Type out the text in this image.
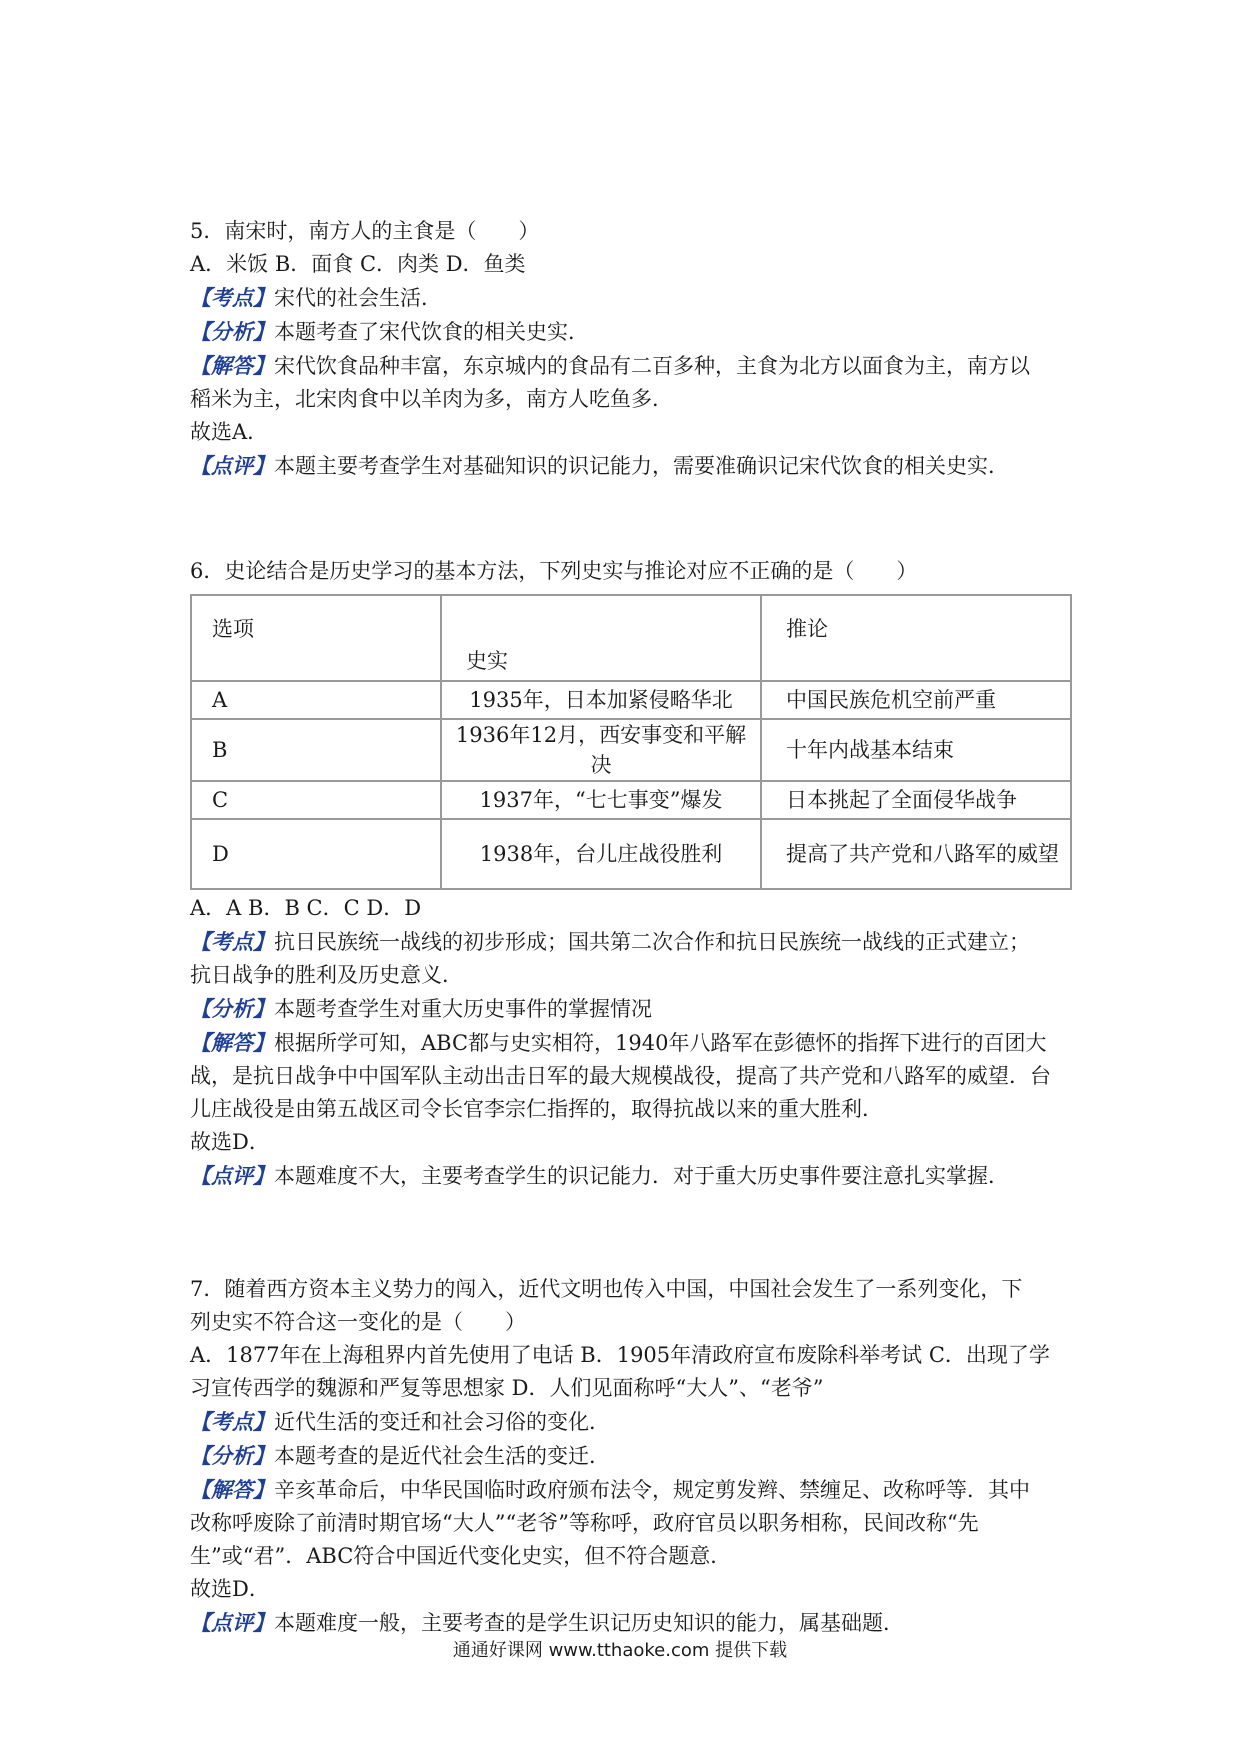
5．南宋时，南方人的主食是（　　）
A．米饭 B．面食 C．肉类 D．鱼类
【考点】宋代的社会生活．
【分析】本题考查了宋代饮食的相关史实．
【解答】宋代饮食品种丰富，东京城内的食品有二百多种，主食为北方以面食为主，南方以
稻米为主，北宋肉食中以羊肉为多，南方人吃鱼多．
故选A．
【点评】本题主要考查学生对基础知识的识记能力，需要准确识记宋代饮食的相关史实．
6．史论结合是历史学习的基本方法，下列史实与推论对应不正确的是（　　）
选项	史实	推论
A	1935年，日本加紧侵略华北	中国民族危机空前严重
B	1936年12月，西安事变和平解决	十年内战基本结束
C	1937年，“七七事变”爆发	日本挑起了全面侵华战争
D	1938年，台儿庄战役胜利	提高了共产党和八路军的威望
A．A B．B C．C D．D
【考点】抗日民族统一战线的初步形成；国共第二次合作和抗日民族统一战线的正式建立；
抗日战争的胜利及历史意义．
【分析】本题考查学生对重大历史事件的掌握情况
【解答】根据所学可知，ABC都与史实相符，1940年八路军在彭德怀的指挥下进行的百团大
战，是抗日战争中中国军队主动出击日军的最大规模战役，提高了共产党和八路军的威望．台
儿庄战役是由第五战区司令长官李宗仁指挥的，取得抗战以来的重大胜利．
故选D．
【点评】本题难度不大，主要考查学生的识记能力．对于重大历史事件要注意扎实掌握．
7．随着西方资本主义势力的闯入，近代文明也传入中国，中国社会发生了一系列变化，下
列史实不符合这一变化的是（　　）
A．1877年在上海租界内首先使用了电话 B．1905年清政府宣布废除科举考试 C．出现了学
习宣传西学的魏源和严复等思想家 D．人们见面称呼“大人”、“老爷”
【考点】近代生活的变迁和社会习俗的变化．
【分析】本题考查的是近代社会生活的变迁．
【解答】辛亥革命后，中华民国临时政府颁布法令，规定剪发辫、禁缠足、改称呼等．其中
改称呼废除了前清时期官场“大人”“老爷”等称呼，政府官员以职务相称，民间改称“先
生”或“君”．ABC符合中国近代变化史实，但不符合题意．
故选D．
【点评】本题难度一般，主要考查的是学生识记历史知识的能力，属基础题．
通通好课网 www.tthaoke.com 提供下载
